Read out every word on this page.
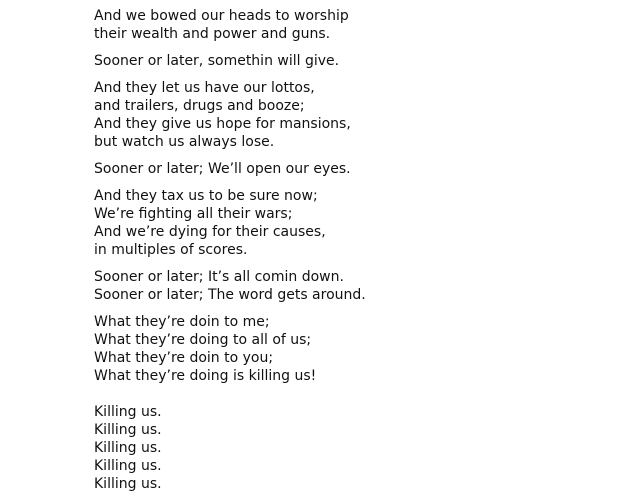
And we bowed our heads to worship
their wealth and power and guns.
Sooner or later, somethin will give.
And they let us have our lottos,
and trailers, drugs and booze;
And they give us hope for mansions,
but watch us always lose.
Sooner or later; We’ll open our eyes.
And they tax us to be sure now;
We’re fighting all their wars;
And we’re dying for their causes,
in multiples of scores.
Sooner or later; It’s all comin down.
Sooner or later; The word gets around.
What they’re doin to me;
What they’re doing to all of us;
What they’re doin to you;
What they’re doing is killing us!
Killing us.
Killing us.
Killing us.
Killing us.
Killing us.
